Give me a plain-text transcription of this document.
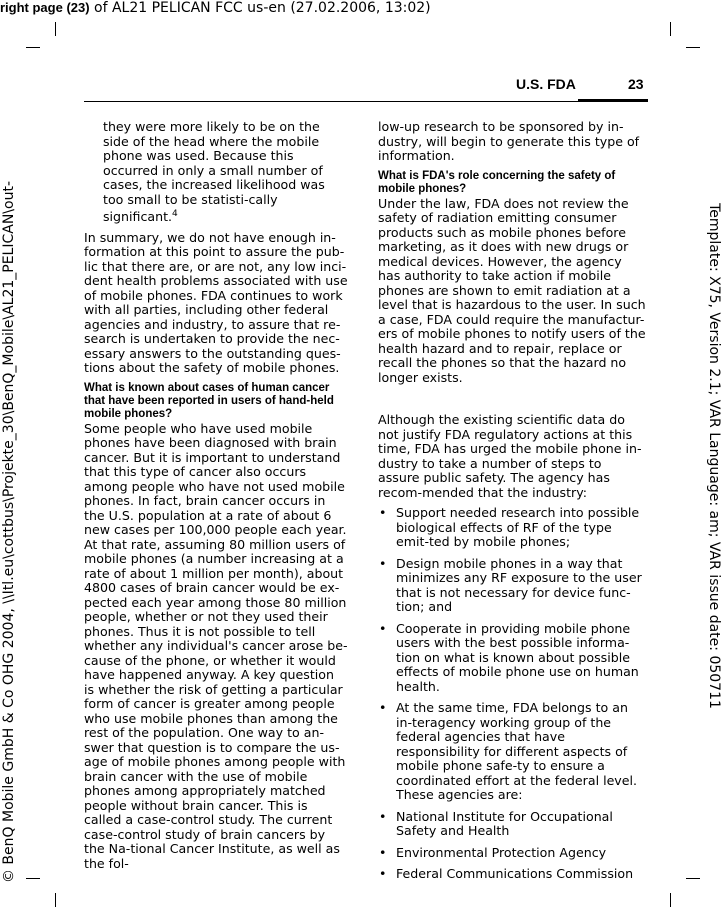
right page (23) of AL21 PELICAN FCC us-en (27.02.2006, 13:02)
Template: X75, Version 2.1; VAR Language: am; VAR issue date: 050711
© BenQ Mobile GmbH & Co OHG 2004, \\Itl.eu\cottbus\Projekte_30\BenQ_Mobile\AL21_PELICAN\out-
U.S. FDA	23

they were more likely to be on the side of the head where the mobile phone was used. Because this occurred in only a small number of cases, the increased likelihood was too small to be statisti-cally significant.$^4$

In summary, we do not have enough in-formation at this point to assure the pub-lic that there are, or are not, any low inci-dent health problems associated with use of mobile phones. FDA continues to work with all parties, including other federal agencies and industry, to assure that re-search is undertaken to provide the nec-essary answers to the outstanding ques-tions about the safety of mobile phones.

What is known about cases of human cancer that have been reported in users of hand-held mobile phones?

Some people who have used mobile phones have been diagnosed with brain cancer. But it is important to understand that this type of cancer also occurs among people who have not used mobile phones. In fact, brain cancer occurs in the U.S. population at a rate of about 6 new cases per 100,000 people each year. At that rate, assuming 80 million users of mobile phones (a number increasing at a rate of about 1 million per month), about 4800 cases of brain cancer would be ex-pected each year among those 80 million people, whether or not they used their phones. Thus it is not possible to tell whether any individual's cancer arose be-cause of the phone, or whether it would have happened anyway. A key question is whether the risk of getting a particular form of cancer is greater among people who use mobile phones than among the rest of the population. One way to an-swer that question is to compare the us-age of mobile phones among people with brain cancer with the use of mobile phones among appropriately matched people without brain cancer. This is called a case-control study. The current case-control study of brain cancers by the Na-tional Cancer Institute, as well as the fol-

low-up research to be sponsored by in-dustry, will begin to generate this type of information.

What is FDA's role concerning the safety of mobile phones?

Under the law, FDA does not review the safety of radiation emitting consumer products such as mobile phones before marketing, as it does with new drugs or medical devices. However, the agency has authority to take action if mobile phones are shown to emit radiation at a level that is hazardous to the user. In such a case, FDA could require the manufactur-ers of mobile phones to notify users of the health hazard and to repair, replace or recall the phones so that the hazard no longer exists.

Although the existing scientific data do not justify FDA regulatory actions at this time, FDA has urged the mobile phone in-dustry to take a number of steps to assure public safety. The agency has recom-mended that the industry:

• Support needed research into possible biological effects of RF of the type emit-ted by mobile phones;
• Design mobile phones in a way that minimizes any RF exposure to the user that is not necessary for device func-tion; and
• Cooperate in providing mobile phone users with the best possible informa-tion on what is known about possible effects of mobile phone use on human health.
• At the same time, FDA belongs to an in-teragency working group of the federal agencies that have responsibility for different aspects of mobile phone safe-ty to ensure a coordinated effort at the federal level. These agencies are:
• National Institute for Occupational Safety and Health
• Environmental Protection Agency
• Federal Communications Commission
